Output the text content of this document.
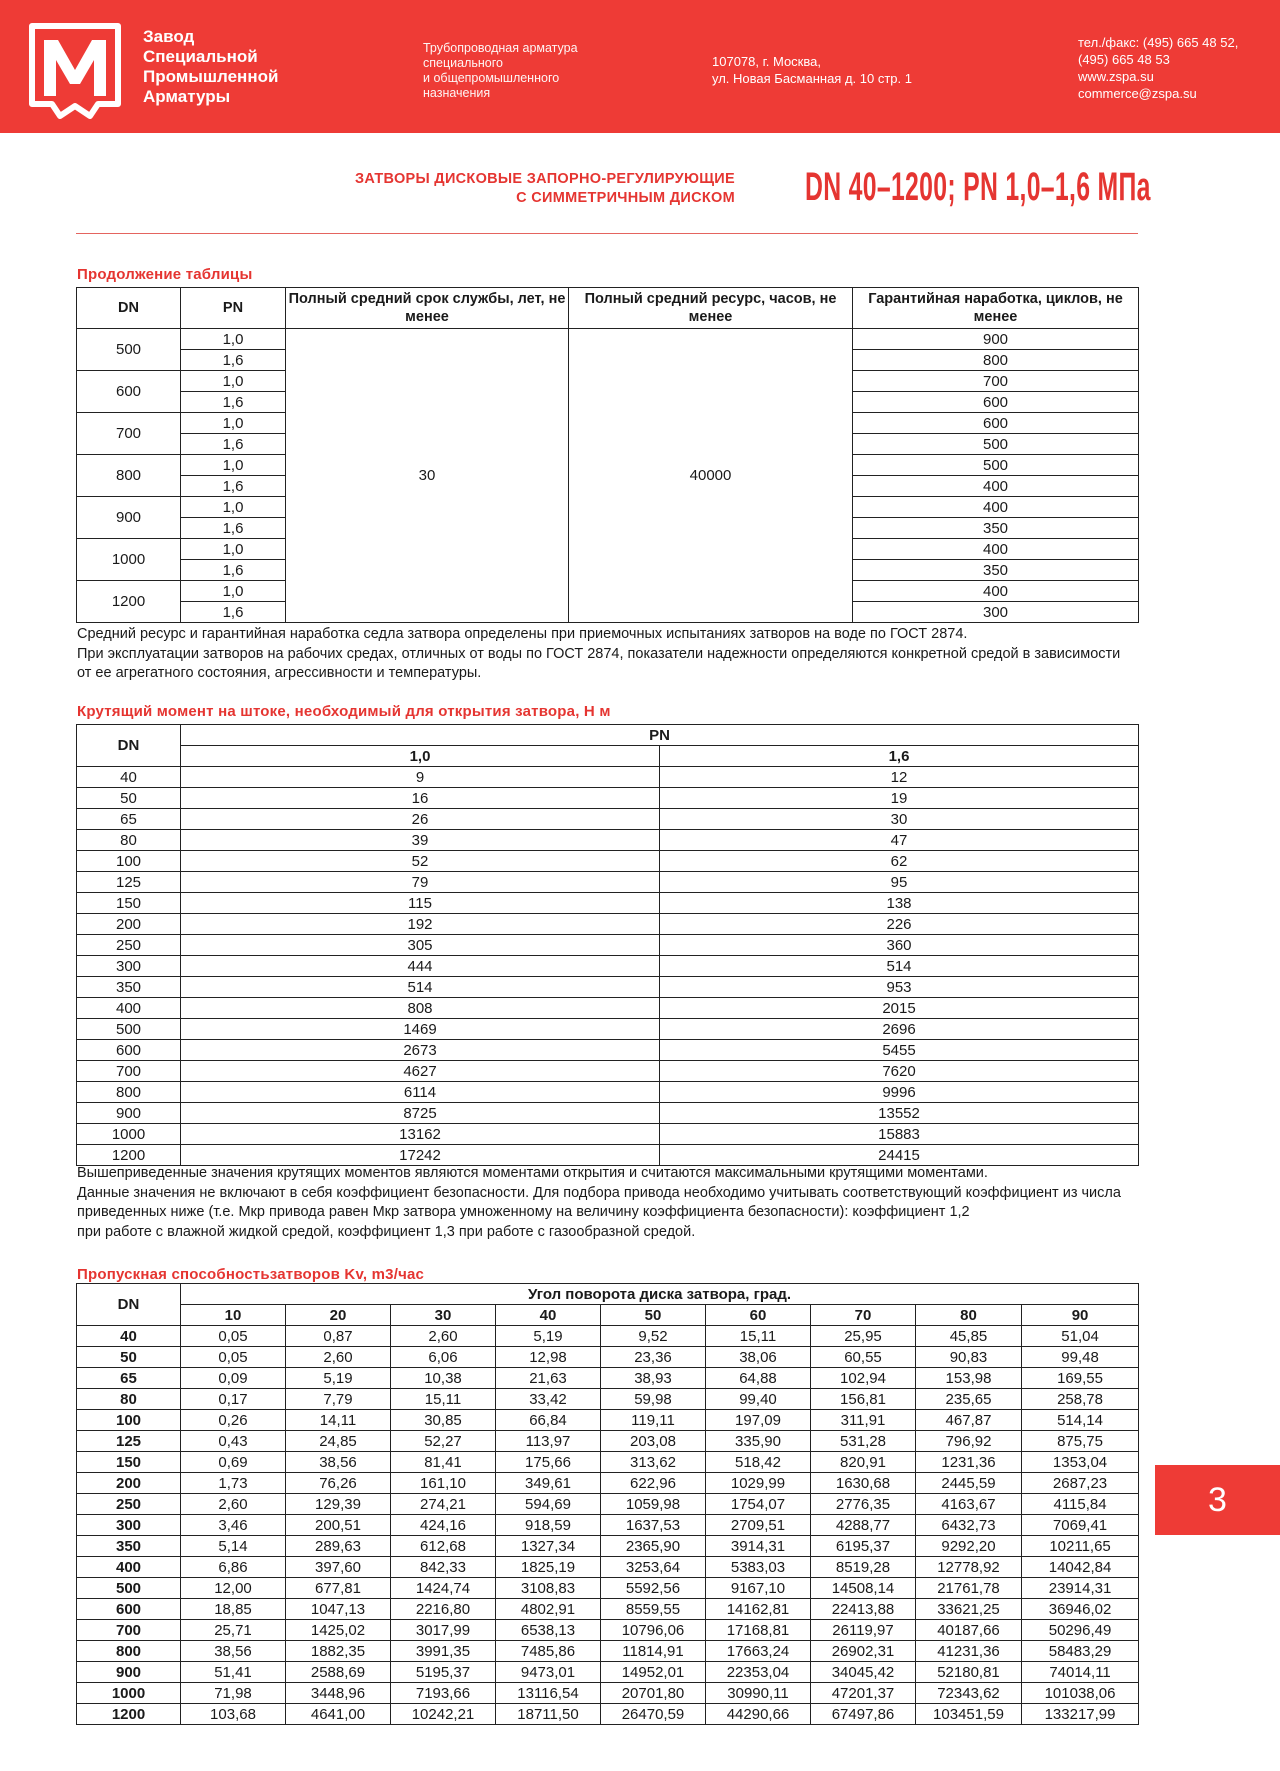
Завод
Специальной
Промышленной
Арматуры
Трубопроводная арматура
специального
и общепромышленного
назначения
107078, г. Москва,
ул. Новая Басманная д. 10 стр. 1
тел./факс: (495) 665 48 52,
(495) 665 48 53
www.zspa.su
commerce@zspa.su
ЗАТВОРЫ ДИСКОВЫЕ ЗАПОРНО-РЕГУЛИРУЮЩИЕ
С СИММЕТРИЧНЫМ ДИСКОМ DN 40–1200; PN 1,0–1,6 МПа
Продолжение таблицы
DN	PN	Полный средний срок службы, лет, не менее	Полный средний ресурс, часов, не менее	Гарантийная наработка, циклов, не менее
500	1,0	30	40000	900
	1,6			800
600	1,0			700
	1,6			600
700	1,0			600
	1,6			500
800	1,0			500
	1,6			400
900	1,0			400
	1,6			350
1000	1,0			400
	1,6			350
1200	1,0			400
	1,6			300
Средний ресурс и гарантийная наработка седла затвора определены при приемочных испытаниях затворов на воде по ГОСТ 2874.
При эксплуатации затворов на рабочих средах, отличных от воды по ГОСТ 2874, показатели надежности определяются конкретной средой в зависимости
от ее агрегатного состояния, агрессивности и температуры.
Крутящий момент на штоке, необходимый для открытия затвора, Н м
DN	PN	
	1,0	1,6
40	9	12
50	16	19
65	26	30
80	39	47
100	52	62
125	79	95
150	115	138
200	192	226
250	305	360
300	444	514
350	514	953
400	808	2015
500	1469	2696
600	2673	5455
700	4627	7620
800	6114	9996
900	8725	13552
1000	13162	15883
1200	17242	24415
Вышеприведенные значения крутящих моментов являются моментами открытия и считаются максимальными крутящими моментами.
Данные значения не включают в себя коэффициент безопасности. Для подбора привода необходимо учитывать соответствующий коэффициент из числа
приведенных ниже (т.е. Мкр привода равен Мкр затвора умноженному на величину коэффициента безопасности): коэффициент 1,2
при работе с влажной жидкой средой, коэффициент 1,3 при работе с газообразной средой.
Пропускная способностьзатворов Kv, m3/час
DN	Угол поворота диска затвора, град.								
	10	20	30	40	50	60	70	80	90
40	0,05	0,87	2,60	5,19	9,52	15,11	25,95	45,85	51,04
50	0,05	2,60	6,06	12,98	23,36	38,06	60,55	90,83	99,48
65	0,09	5,19	10,38	21,63	38,93	64,88	102,94	153,98	169,55
80	0,17	7,79	15,11	33,42	59,98	99,40	156,81	235,65	258,78
100	0,26	14,11	30,85	66,84	119,11	197,09	311,91	467,87	514,14
125	0,43	24,85	52,27	113,97	203,08	335,90	531,28	796,92	875,75
150	0,69	38,56	81,41	175,66	313,62	518,42	820,91	1231,36	1353,04
200	1,73	76,26	161,10	349,61	622,96	1029,99	1630,68	2445,59	2687,23
250	2,60	129,39	274,21	594,69	1059,98	1754,07	2776,35	4163,67	4115,84
300	3,46	200,51	424,16	918,59	1637,53	2709,51	4288,77	6432,73	7069,41
350	5,14	289,63	612,68	1327,34	2365,90	3914,31	6195,37	9292,20	10211,65
400	6,86	397,60	842,33	1825,19	3253,64	5383,03	8519,28	12778,92	14042,84
500	12,00	677,81	1424,74	3108,83	5592,56	9167,10	14508,14	21761,78	23914,31
600	18,85	1047,13	2216,80	4802,91	8559,55	14162,81	22413,88	33621,25	36946,02
700	25,71	1425,02	3017,99	6538,13	10796,06	17168,81	26119,97	40187,66	50296,49
800	38,56	1882,35	3991,35	7485,86	11814,91	17663,24	26902,31	41231,36	58483,29
900	51,41	2588,69	5195,37	9473,01	14952,01	22353,04	34045,42	52180,81	74014,11
1000	71,98	3448,96	7193,66	13116,54	20701,80	30990,11	47201,37	72343,62	101038,06
1200	103,68	4641,00	10242,21	18711,50	26470,59	44290,66	67497,86	103451,59	133217,99
3
